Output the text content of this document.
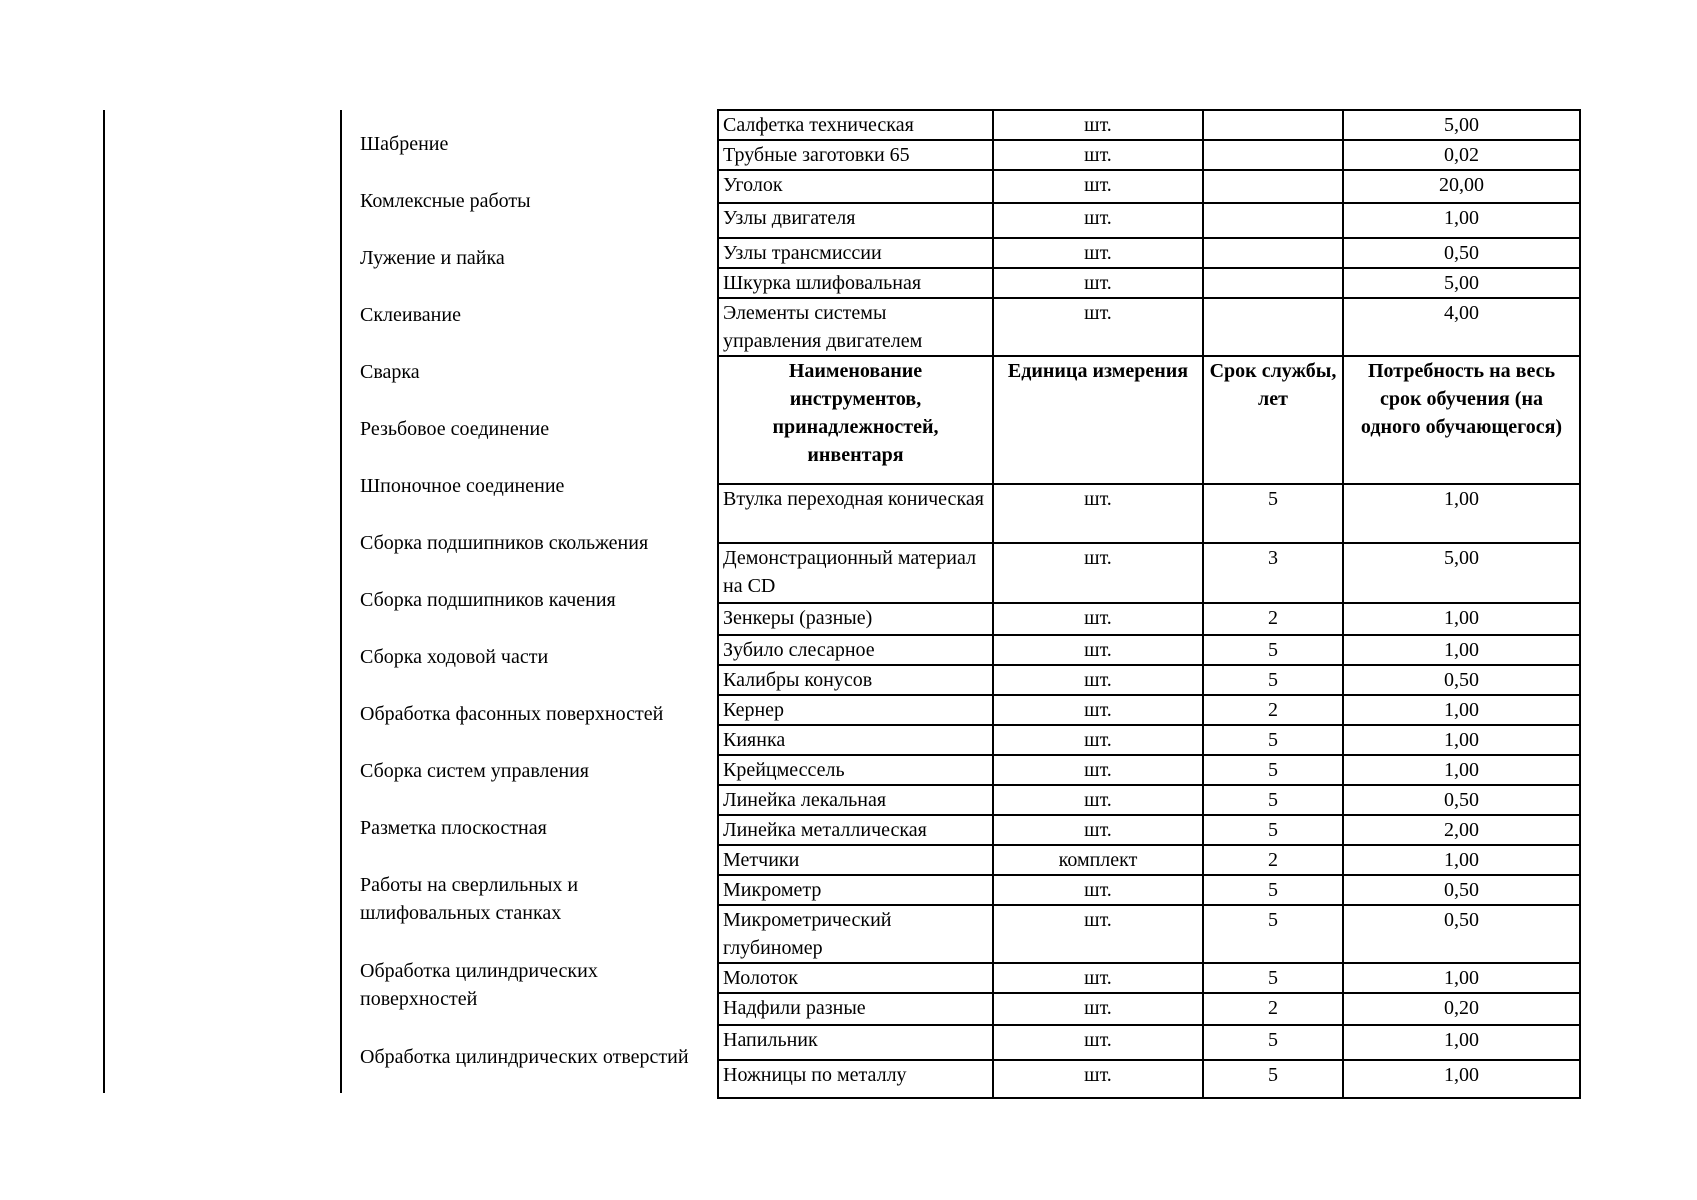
Шабрение
Комлексные работы
Лужение и пайка
Склеивание
Сварка
Резьбовое соединение
Шпоночное соединение
Сборка подшипников скольжения
Сборка подшипников качения
Сборка ходовой части
Обработка фасонных поверхностей
Сборка систем управления
Разметка плоскостная
Работы на сверлильных и шлифовальных станках
Обработка цилиндрических поверхностей
Обработка цилиндрических отверстий
Салфетка техническая	шт.		5,00
Трубные заготовки 65	шт.		0,02
Уголок	шт.		20,00
Узлы двигателя	шт.		1,00
Узлы трансмиссии	шт.		0,50
Шкурка шлифовальная	шт.		5,00
Элементы системы управления двигателем	шт.		4,00
Наименование инструментов, принадлежностей, инвентаря	Единица измерения	Срок службы, лет	Потребность на весь срок обучения (на одного обучающегося)
Втулка переходная коническая	шт.	5	1,00
Демонстрационный материал на CD	шт.	3	5,00
Зенкеры (разные)	шт.	2	1,00
Зубило слесарное	шт.	5	1,00
Калибры конусов	шт.	5	0,50
Кернер	шт.	2	1,00
Киянка	шт.	5	1,00
Крейцмессель	шт.	5	1,00
Линейка лекальная	шт.	5	0,50
Линейка металлическая	шт.	5	2,00
Метчики	комплект	2	1,00
Микрометр	шт.	5	0,50
Микрометрический глубиномер	шт.	5	0,50
Молоток	шт.	5	1,00
Надфили разные	шт.	2	0,20
Напильник	шт.	5	1,00
Ножницы по металлу	шт.	5	1,00
